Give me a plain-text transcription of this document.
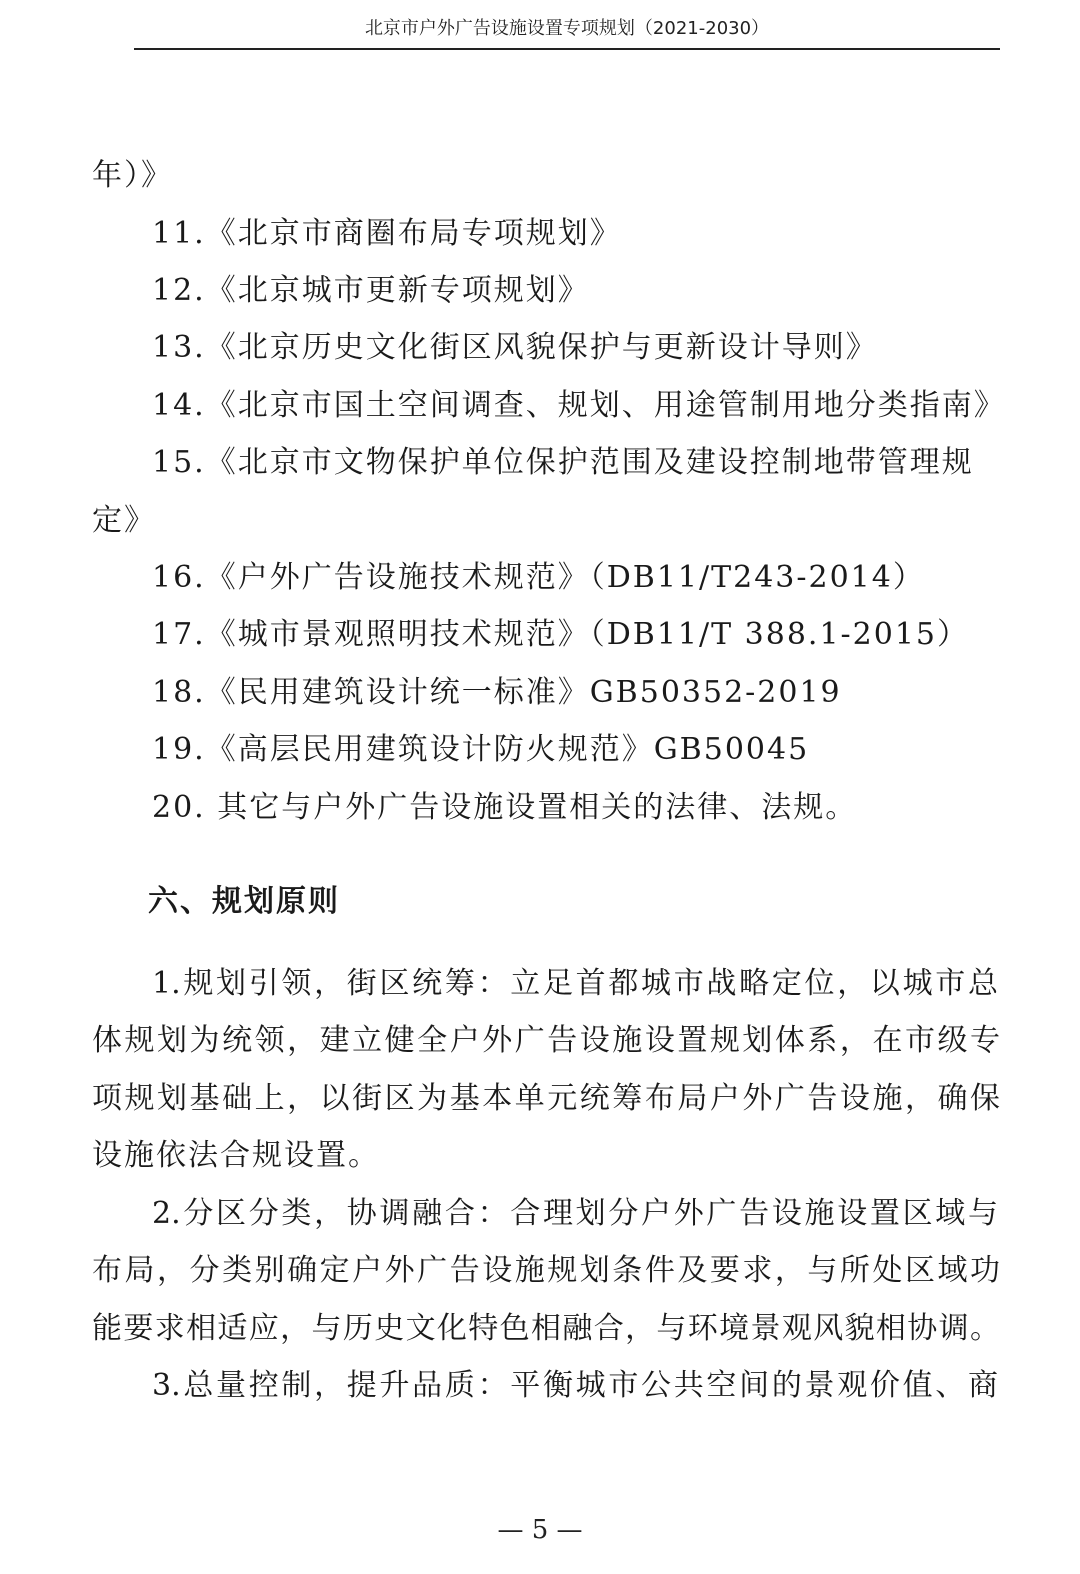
北京市户外广告设施设置专项规划（2021-2030）
年）》
11.《北京市商圈布局专项规划》
12.《北京城市更新专项规划》
13.《北京历史文化街区风貌保护与更新设计导则》
14.《北京市国土空间调查、规划、用途管制用地分类指南》
15.《北京市文物保护单位保护范围及建设控制地带管理规
定》
16.《户外广告设施技术规范》（DB11/T243-2014）
17.《城市景观照明技术规范》（DB11/T 388.1-2015）
18.《民用建筑设计统一标准》GB50352-2019
19.《高层民用建筑设计防火规范》GB50045
20. 其它与户外广告设施设置相关的法律、法规。
六、规划原则
1.规划引领，街区统筹：立足首都城市战略定位，以城市总
体规划为统领，建立健全户外广告设施设置规划体系，在市级专
项规划基础上，以街区为基本单元统筹布局户外广告设施，确保
设施依法合规设置。
2.分区分类，协调融合：合理划分户外广告设施设置区域与
布局，分类别确定户外广告设施规划条件及要求，与所处区域功
能要求相适应，与历史文化特色相融合，与环境景观风貌相协调。
3.总量控制，提升品质：平衡城市公共空间的景观价值、商
— 5 —
